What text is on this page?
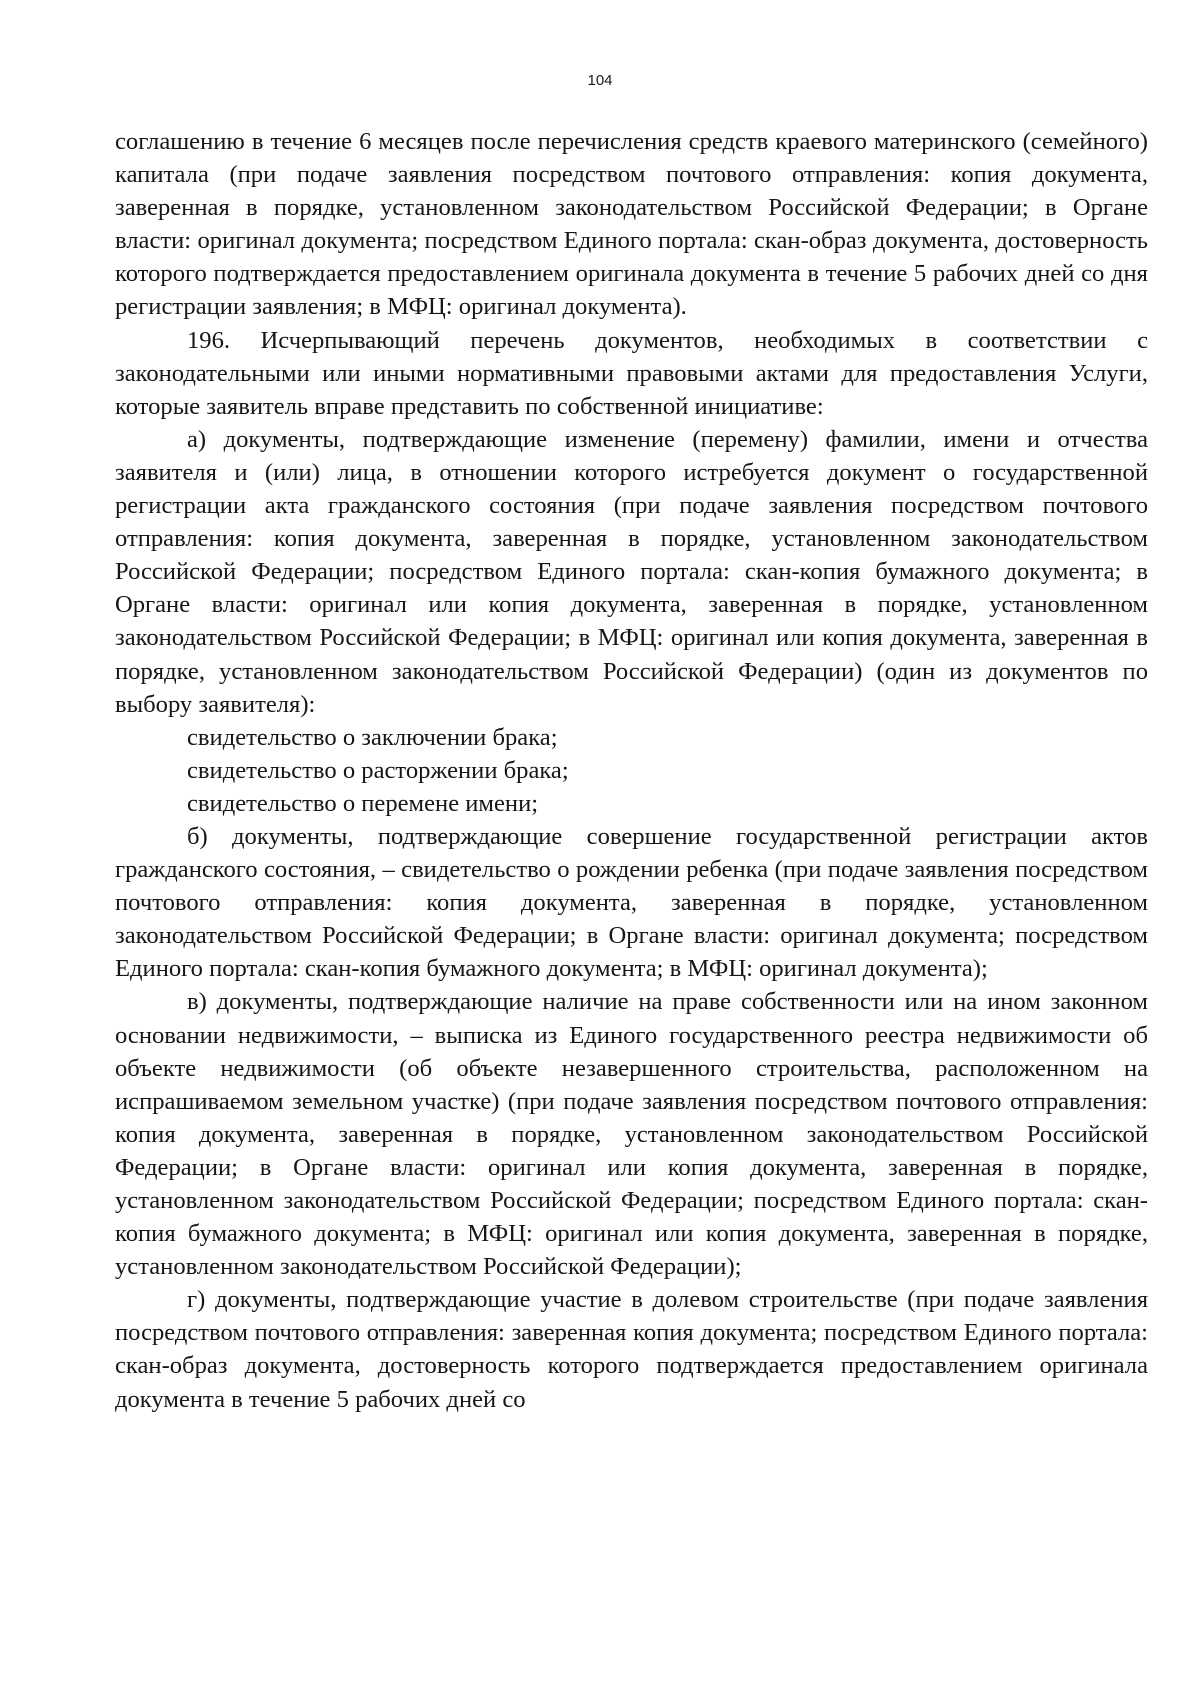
104

соглашению в течение 6 месяцев после перечисления средств краевого материнского (семейного) капитала (при подаче заявления посредством почтового отправления: копия документа, заверенная в порядке, установленном законодательством Российской Федерации; в Органе власти: оригинал документа; посредством Единого портала: скан-образ документа, достоверность которого подтверждается предоставлением оригинала документа в течение 5 рабочих дней со дня регистрации заявления; в МФЦ: оригинал документа).

196. Исчерпывающий перечень документов, необходимых в соответствии с законодательными или иными нормативными правовыми актами для предоставления Услуги, которые заявитель вправе представить по собственной инициативе:

а) документы, подтверждающие изменение (перемену) фамилии, имени и отчества заявителя и (или) лица, в отношении которого истребуется документ о государственной регистрации акта гражданского состояния (при подаче заявления посредством почтового отправления: копия документа, заверенная в порядке, установленном законодательством Российской Федерации; посредством Единого портала: скан-копия бумажного документа; в Органе власти: оригинал или копия документа, заверенная в порядке, установленном законодательством Российской Федерации; в МФЦ: оригинал или копия документа, заверенная в порядке, установленном законодательством Российской Федерации) (один из документов по выбору заявителя):

свидетельство о заключении брака;

свидетельство о расторжении брака;

свидетельство о перемене имени;

б) документы, подтверждающие совершение государственной регистрации актов гражданского состояния, – свидетельство о рождении ребенка (при подаче заявления посредством почтового отправления: копия документа, заверенная в порядке, установленном законодательством Российской Федерации; в Органе власти: оригинал документа; посредством Единого портала: скан-копия бумажного документа; в МФЦ: оригинал документа);

в) документы, подтверждающие наличие на праве собственности или на ином законном основании недвижимости, – выписка из Единого государственного реестра недвижимости об объекте недвижимости (об объекте незавершенного строительства, расположенном на испрашиваемом земельном участке) (при подаче заявления посредством почтового отправления: копия документа, заверенная в порядке, установленном законодательством Российской Федерации; в Органе власти: оригинал или копия документа, заверенная в порядке, установленном законодательством Российской Федерации; посредством Единого портала: скан-копия бумажного документа; в МФЦ: оригинал или копия документа, заверенная в порядке, установленном законодательством Российской Федерации);

г) документы, подтверждающие участие в долевом строительстве (при подаче заявления посредством почтового отправления: заверенная копия документа; посредством Единого портала: скан-образ документа, достоверность которого подтверждается предоставлением оригинала документа в течение 5 рабочих дней со
